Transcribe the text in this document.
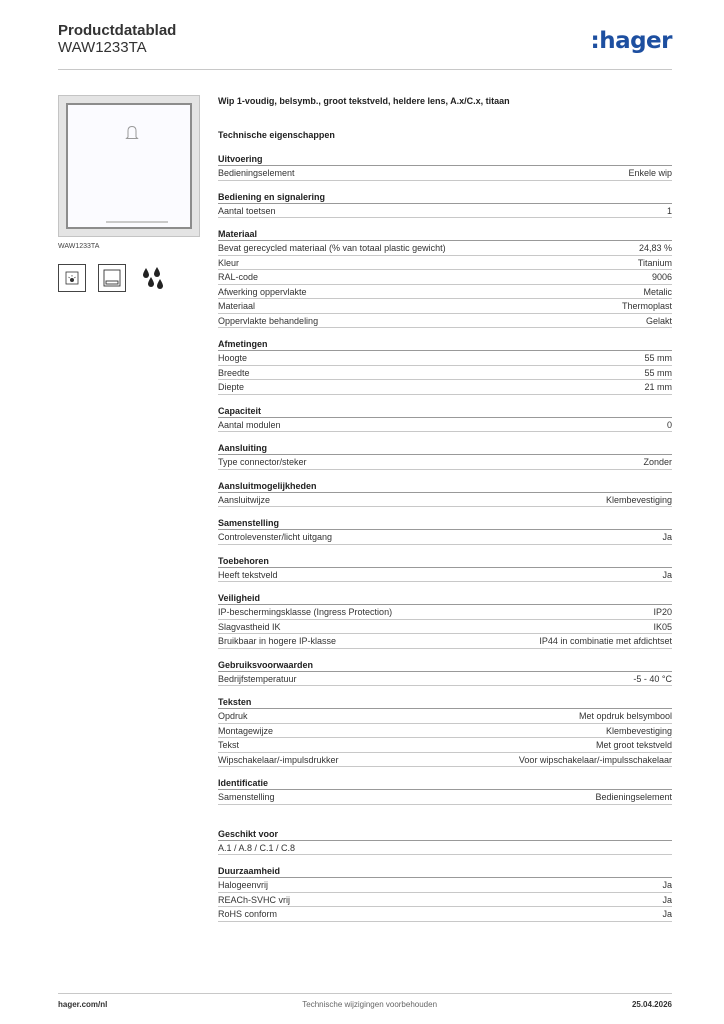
Productdatablad
WAW1233TA	:hager
WAW1233TA
Wip 1-voudig, belsymb., groot tekstveld, heldere lens, A.x/C.x, titaan
Technische eigenschappen
Uitvoering
Bedieningselement	Enkele wip
Bediening en signalering
Aantal toetsen	1
Materiaal
Bevat gerecycled materiaal (% van totaal plastic gewicht)	24,83 %
Kleur	Titanium
RAL-code	9006
Afwerking oppervlakte	Metalic
Materiaal	Thermoplast
Oppervlakte behandeling	Gelakt
Afmetingen
Hoogte	55 mm
Breedte	55 mm
Diepte	21 mm
Capaciteit
Aantal modulen	0
Aansluiting
Type connector/steker	Zonder
Aansluitmogelijkheden
Aansluitwijze	Klembevestiging
Samenstelling
Controlevenster/licht uitgang	Ja
Toebehoren
Heeft tekstveld	Ja
Veiligheid
IP-beschermingsklasse (Ingress Protection)	IP20
Slagvastheid IK	IK05
Bruikbaar in hogere IP-klasse	IP44 in combinatie met afdichtset
Gebruiksvoorwaarden
Bedrijfstemperatuur	-5 - 40 °C
Teksten
Opdruk	Met opdruk belsymbool
Montagewijze	Klembevestiging
Tekst	Met groot tekstveld
Wipschakelaar/-impulsdrukker	Voor wipschakelaar/-impulsschakelaar
Identificatie
Samenstelling	Bedieningselement
Geschikt voor
A.1 / A.8 / C.1 / C.8
Duurzaamheid
Halogeenvrij	Ja
REACh-SVHC vrij	Ja
RoHS conform	Ja
hager.com/nl	Technische wijzigingen voorbehouden	25.04.2026
